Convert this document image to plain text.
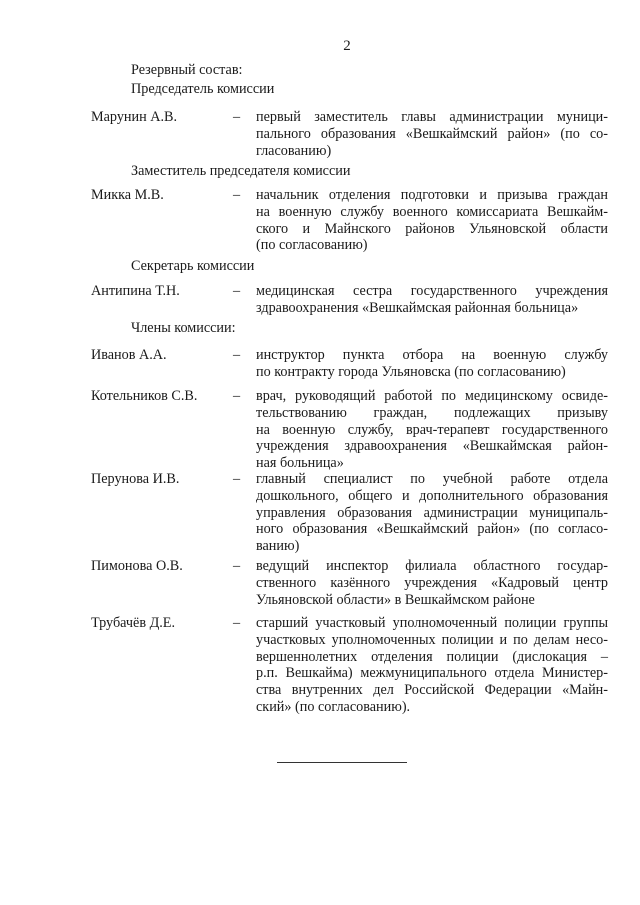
2
Резервный состав:
Председатель комиссии
Марунин А.В.	– первый заместитель главы администрации муници-
пального образования «Вешкаймский район» (по со-
гласованию)
Заместитель председателя комиссии
Микка М.В.	– начальник отделения подготовки и призыва граждан
на военную службу военного комиссариата Вешкайм-
ского и Майнского районов Ульяновской области
(по согласованию)
Секретарь комиссии
Антипина Т.Н.	– медицинская сестра государственного учреждения
здравоохранения «Вешкаймская районная больница»
Члены комиссии:
Иванов А.А.	– инструктор пункта отбора на военную службу
по контракту города Ульяновска (по согласованию)
Котельников С.В.	– врач, руководящий работой по медицинскому освиде-
тельствованию граждан, подлежащих призыву
на военную службу, врач-терапевт государственного
учреждения здравоохранения «Вешкаймская район-
ная больница»
Перунова И.В.	– главный специалист по учебной работе отдела
дошкольного, общего и дополнительного образования
управления образования администрации муниципаль-
ного образования «Вешкаймский район» (по согласо-
ванию)
Пимонова О.В.	– ведущий инспектор филиала областного государ-
ственного казённого учреждения «Кадровый центр
Ульяновской области» в Вешкаймском районе
Трубачёв Д.Е.	– старший участковый уполномоченный полиции группы
участковых уполномоченных полиции и по делам несо-
вершеннолетних отделения полиции (дислокация –
р.п. Вешкайма) межмуниципального отдела Министер-
ства внутренних дел Российской Федерации «Майн-
ский» (по согласованию).
